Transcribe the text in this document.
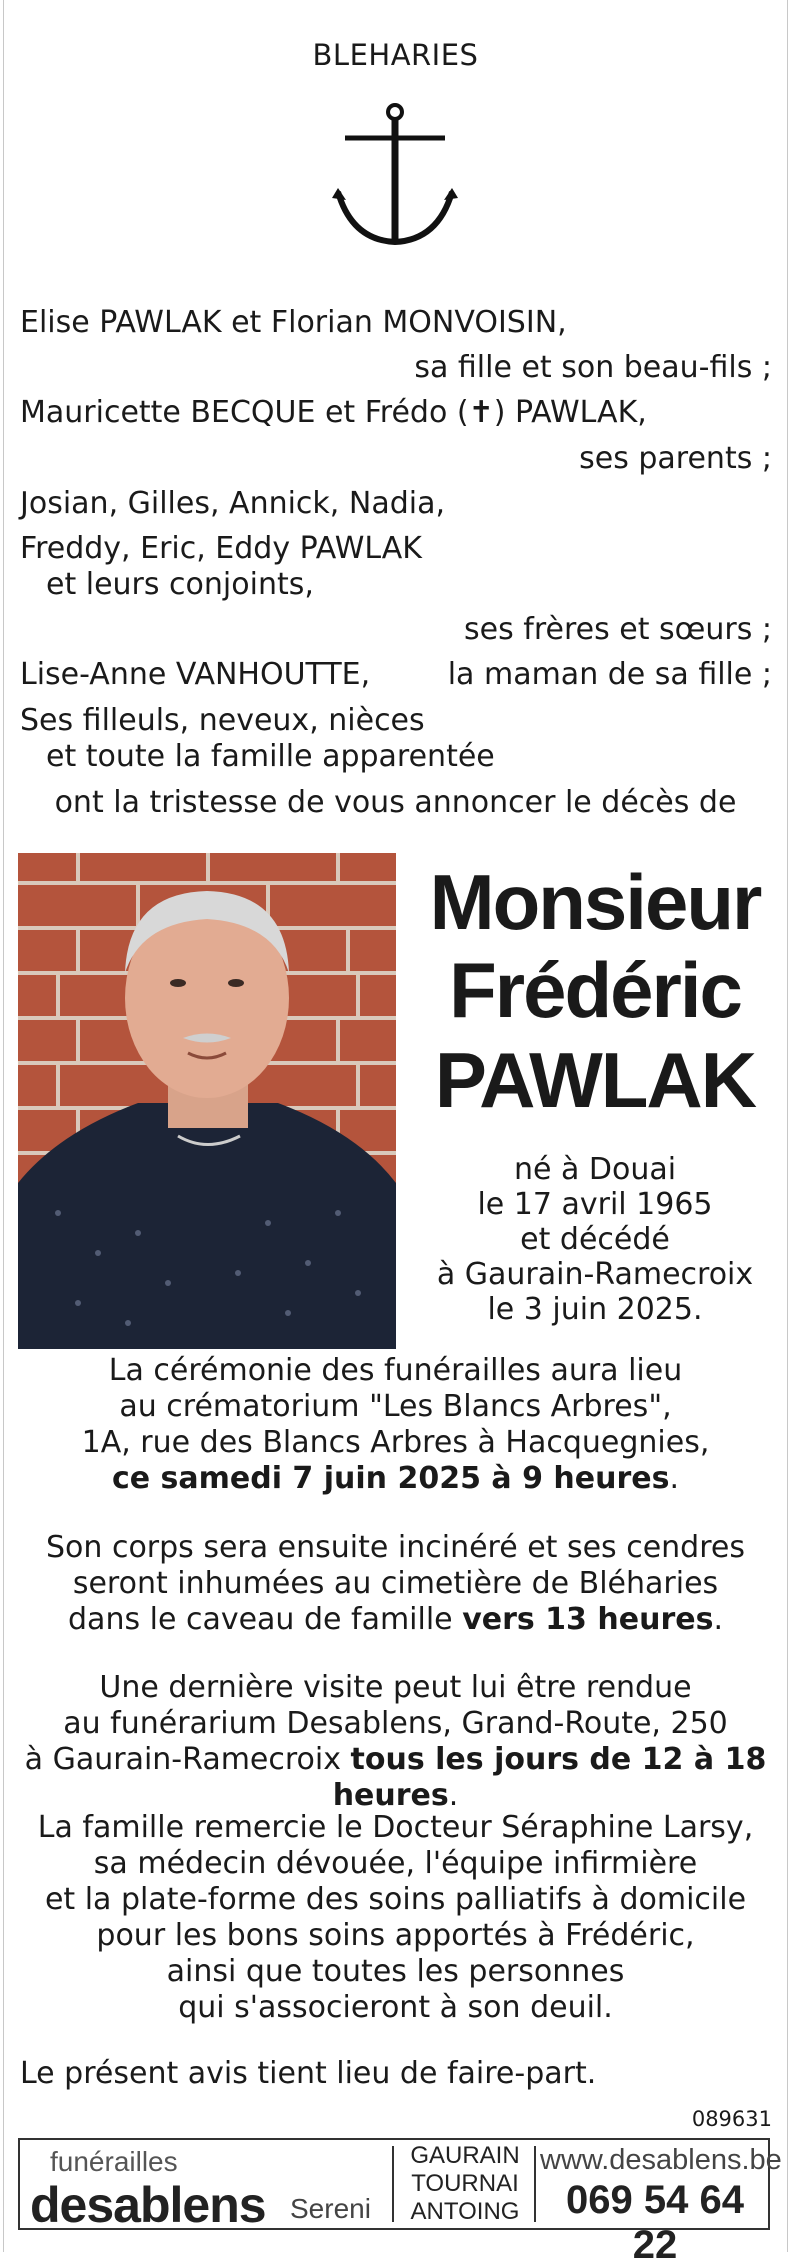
BLEHARIES
Elise PAWLAK et Florian MONVOISIN,
sa fille et son beau-fils ;
Mauricette BECQUE et Frédo (✝) PAWLAK,
ses parents ;
Josian, Gilles, Annick, Nadia,
Freddy, Eric, Eddy PAWLAK
et leurs conjoints,
ses frères et sœurs ;
Lise-Anne VANHOUTTE,	la maman de sa fille ;
Ses filleuls, neveux, nièces
et toute la famille apparentée
ont la tristesse de vous annoncer le décès de
Monsieur
Frédéric
PAWLAK
né à Douai
le 17 avril 1965
et décédé
à Gaurain-Ramecroix
le 3 juin 2025.
La cérémonie des funérailles aura lieu
au crématorium "Les Blancs Arbres",
1A, rue des Blancs Arbres à Hacquegnies,
ce samedi 7 juin 2025 à 9 heures.
Son corps sera ensuite incinéré et ses cendres
seront inhumées au cimetière de Bléharies
dans le caveau de famille vers 13 heures.
Une dernière visite peut lui être rendue
au funérarium Desablens, Grand-Route, 250
à Gaurain-Ramecroix tous les jours de 12 à 18 heures.
La famille remercie le Docteur Séraphine Larsy,
sa médecin dévouée, l'équipe infirmière
et la plate-forme des soins palliatifs à domicile
pour les bons soins apportés à Frédéric,
ainsi que toutes les personnes
qui s'associeront à son deuil.
Le présent avis tient lieu de faire-part.
089631
funérailles
desablens Sereni
GAURAIN
TOURNAI
ANTOING
www.desablens.be
069 54 64 22
